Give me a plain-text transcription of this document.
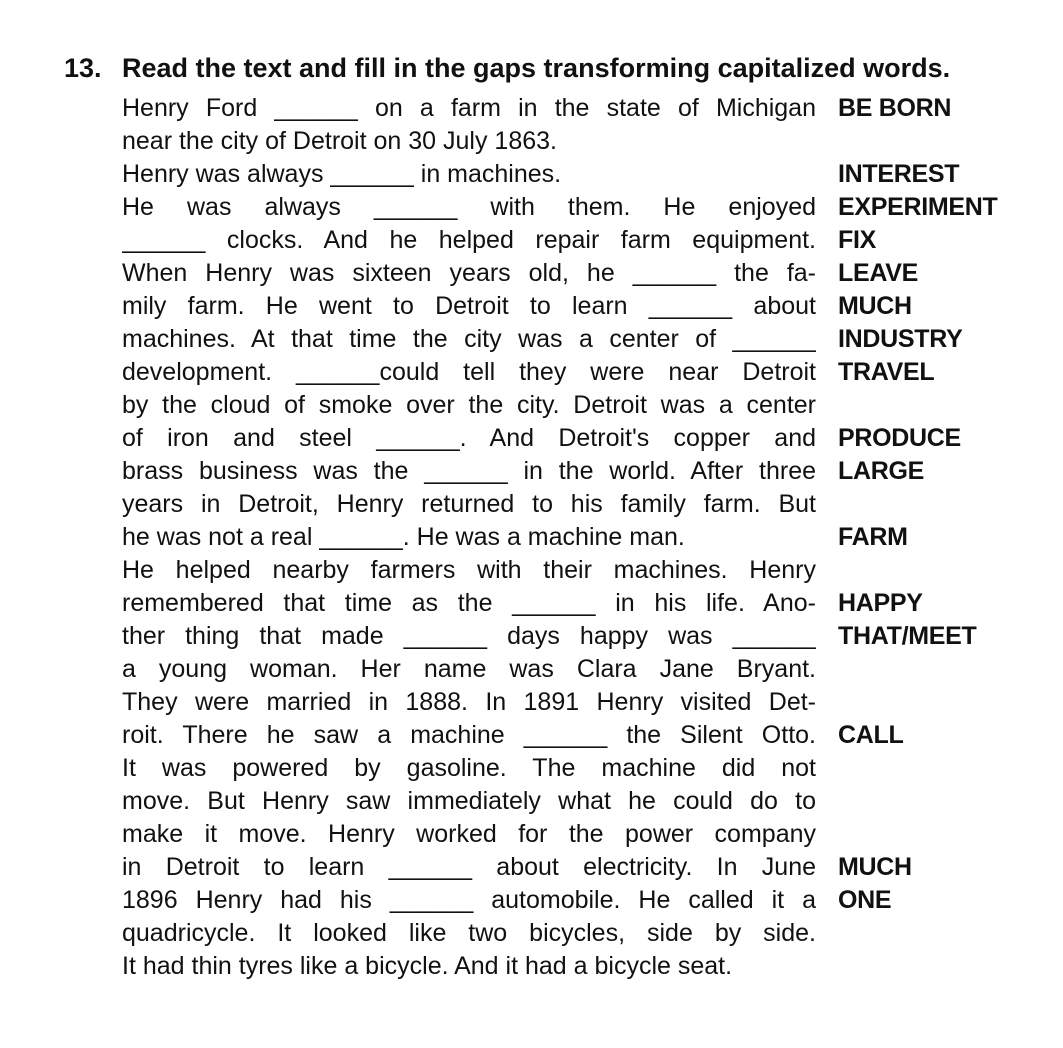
13. Read the text and fill in the gaps transforming capitalized words.
Henry Ford ______ on a farm in the state of Michigan
near the city of Detroit on 30 July 1863.
Henry was always ______ in machines.
He was always ______ with them. He enjoyed
______ clocks. And he helped repair farm equipment.
When Henry was sixteen years old, he ______ the fa-
mily farm. He went to Detroit to learn ______ about
machines. At that time the city was a center of ______
development. ______could tell they were near Detroit
by the cloud of smoke over the city. Detroit was a center
of iron and steel ______. And Detroit's copper and
brass business was the ______ in the world. After three
years in Detroit, Henry returned to his family farm. But
he was not a real ______. He was a machine man.
He helped nearby farmers with their machines. Henry
remembered that time as the ______ in his life. Ano-
ther thing that made ______ days happy was ______
a young woman. Her name was Clara Jane Bryant.
They were married in 1888. In 1891 Henry visited Det-
roit. There he saw a machine ______ the Silent Otto.
It was powered by gasoline. The machine did not
move. But Henry saw immediately what he could do to
make it move. Henry worked for the power company
in Detroit to learn ______ about electricity. In June
1896 Henry had his ______ automobile. He called it a
quadricycle. It looked like two bicycles, side by side.
It had thin tyres like a bicycle. And it had a bicycle seat.
BE BORN
INTEREST
EXPERIMENT
FIX
LEAVE
MUCH
INDUSTRY
TRAVEL
PRODUCE
LARGE
FARM
HAPPY
THAT/MEET
CALL
MUCH
ONE
